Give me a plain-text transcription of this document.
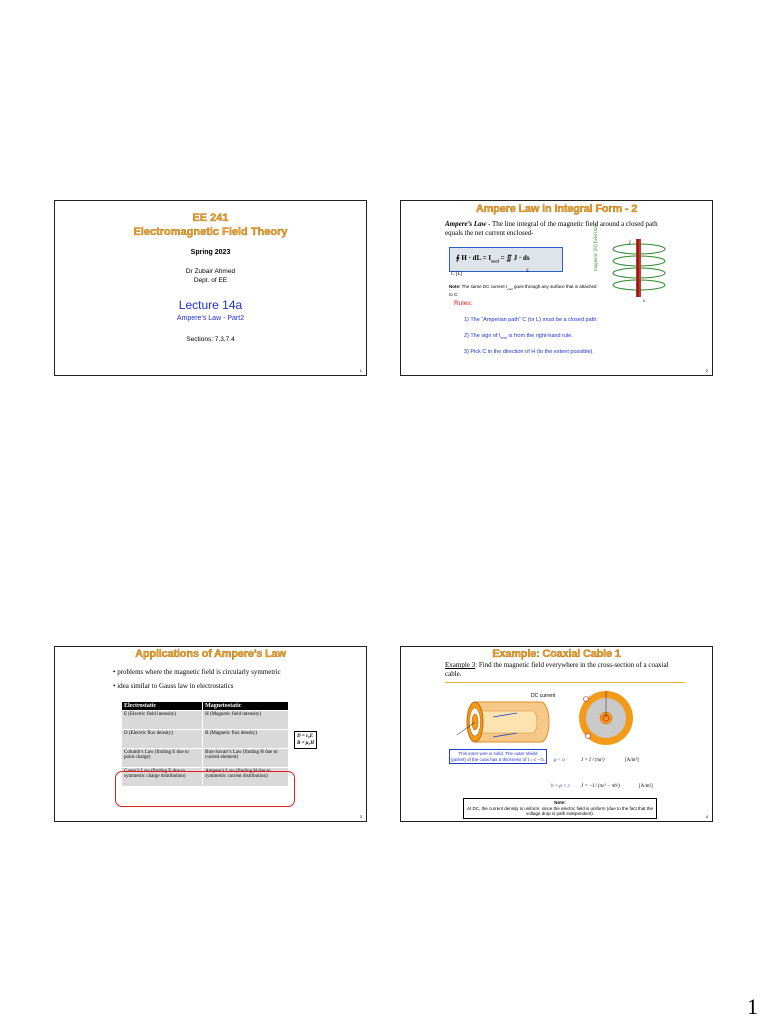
EE 241
Electromagnetic Field Theory
Spring 2023
Dr Zubair Ahmed
Dept. of EE
Lecture 14a
Ampere’s Law - Part2
Sections: 7.3,7.4
1
Ampere Law in Integral Form - 2
Ampere’s Law - The line integral of the magnetic field around a closed path equals the net current enclosed-
∮ H · dL = $I_{encl}$ = ∬ J · ds
C [L]
S
s
magnetic (H) field lines	I
Note: The same DC current $I_{encl}$ goes through any surface that is attached to C.
Rules:
1) The “Amperian path” C (or L) must be a closed path.
2) The sign of $I_{encl}$ is from the right-hand rule.
3) Pick C in the direction of H (to the extent possible).
2
Applications of Ampere’s Law
• problems where the magnetic field is circularly symmetric
• idea similar to Gauss law in electrostatics
Electrostatic	Magnetostatic
E (Electric field intensity)	H (Magnetic field intensity)
D (Electric flux density)	B (Magnetic flux density)
Columb’s Law (finding E due to point charge)	Biot-Savart’s Law (finding H due to current element)
Gauss’s Law (finding E due to symmetric charge distribution)	Ampere’s Law (finding H due to symmetric current distribution)
D = ε₀E
B = μ₀H
3
Example: Coaxial Cable 1
Example 3: Find the magnetic field everywhere in the cross-section of a coaxial cable.
DC current
This inner wire is solid. The outer shield (jacket) of the coax has a thickness of t = c – b.	ρ < a	J = I / (πa²)	[A/m²]
b < ρ < c J = −I / (πc² − πb²)	[A/m²]
Note:
At DC, the current density is uniform, since the electric field is uniform (due to the fact that the voltage drop is path independent).
4
1
